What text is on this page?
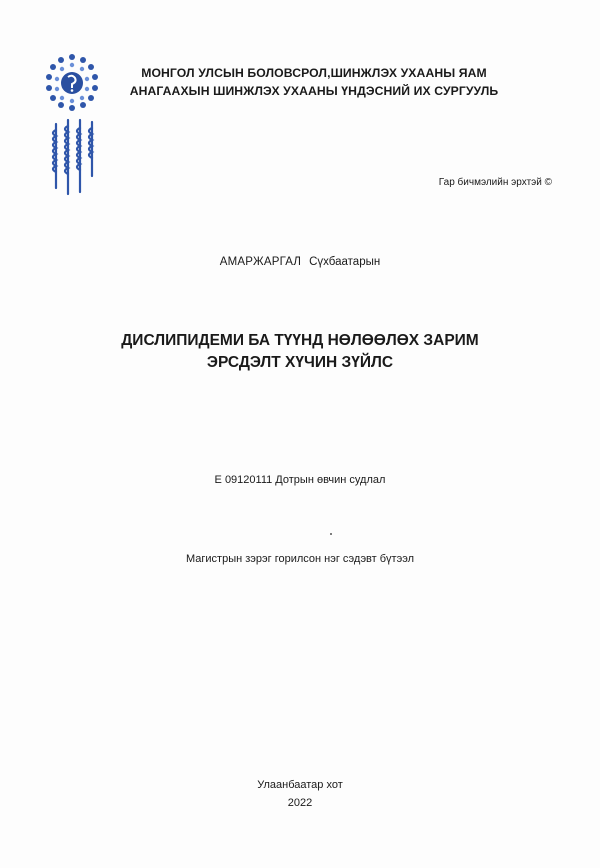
МОНГОЛ УЛСЫН БОЛОВСРОЛ,ШИНЖЛЭХ УХААНЫ ЯАМ
АНАГААХЫН ШИНЖЛЭХ УХААНЫ ҮНДЭСНИЙ ИХ СУРГУУЛЬ
Гар бичмэлийн эрхтэй ©
АМАРЖАРГАЛ Сүхбаатарын
ДИСЛИПИДЕМИ БА ТҮҮНД НӨЛӨӨЛӨХ ЗАРИМ
ЭРСДЭЛТ ХҮЧИН ЗҮЙЛС
E 09120111 Дотрын өвчин судлал
Магистрын зэрэг горилсон нэг сэдэвт бүтээл
Улаанбаатар хот
2022
